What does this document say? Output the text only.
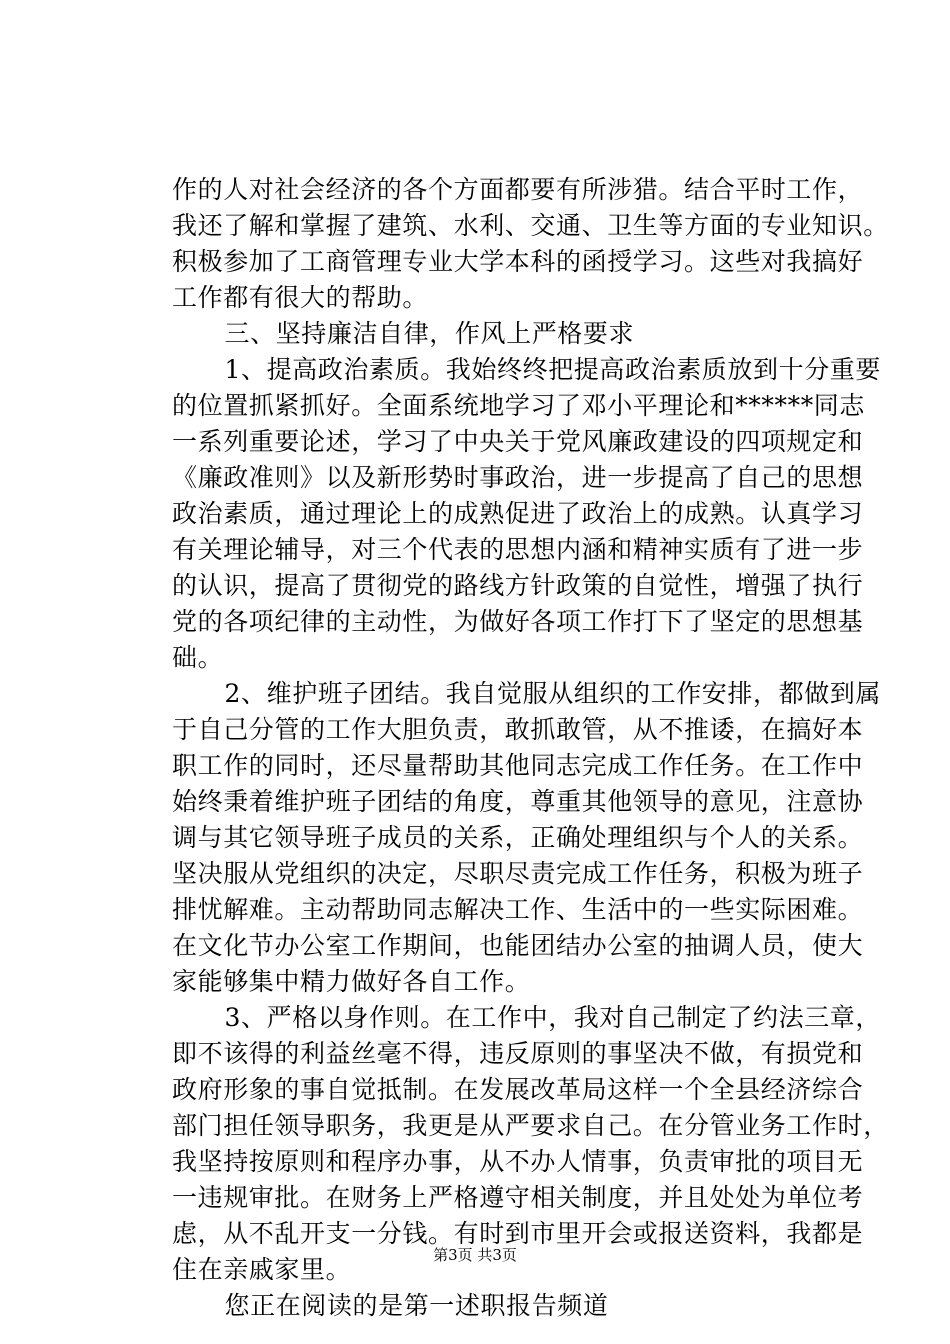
作的人对社会经济的各个方面都要有所涉猎。结合平时工作，
我还了解和掌握了建筑、水利、交通、卫生等方面的专业知识。
积极参加了工商管理专业大学本科的函授学习。这些对我搞好
工作都有很大的帮助。
三、坚持廉洁自律，作风上严格要求
1、提高政治素质。我始终终把提高政治素质放到十分重要
的位置抓紧抓好。全面系统地学习了邓小平理论和******同志
一系列重要论述，学习了中央关于党风廉政建设的四项规定和
《廉政准则》以及新形势时事政治，进一步提高了自己的思想
政治素质，通过理论上的成熟促进了政治上的成熟。认真学习
有关理论辅导，对三个代表的思想内涵和精神实质有了进一步
的认识，提高了贯彻党的路线方针政策的自觉性，增强了执行
党的各项纪律的主动性，为做好各项工作打下了坚定的思想基
础。
2、维护班子团结。我自觉服从组织的工作安排，都做到属
于自己分管的工作大胆负责，敢抓敢管，从不推诿，在搞好本
职工作的同时，还尽量帮助其他同志完成工作任务。在工作中
始终秉着维护班子团结的角度，尊重其他领导的意见，注意协
调与其它领导班子成员的关系，正确处理组织与个人的关系。
坚决服从党组织的决定，尽职尽责完成工作任务，积极为班子
排忧解难。主动帮助同志解决工作、生活中的一些实际困难。
在文化节办公室工作期间，也能团结办公室的抽调人员，使大
家能够集中精力做好各自工作。
3、严格以身作则。在工作中，我对自己制定了约法三章，
即不该得的利益丝毫不得，违反原则的事坚决不做，有损党和
政府形象的事自觉抵制。在发展改革局这样一个全县经济综合
部门担任领导职务，我更是从严要求自己。在分管业务工作时，
我坚持按原则和程序办事，从不办人情事，负责审批的项目无
一违规审批。在财务上严格遵守相关制度，并且处处为单位考
虑，从不乱开支一分钱。有时到市里开会或报送资料，我都是
住在亲戚家里。
您正在阅读的是第一述职报告频道
第3页 共3页
